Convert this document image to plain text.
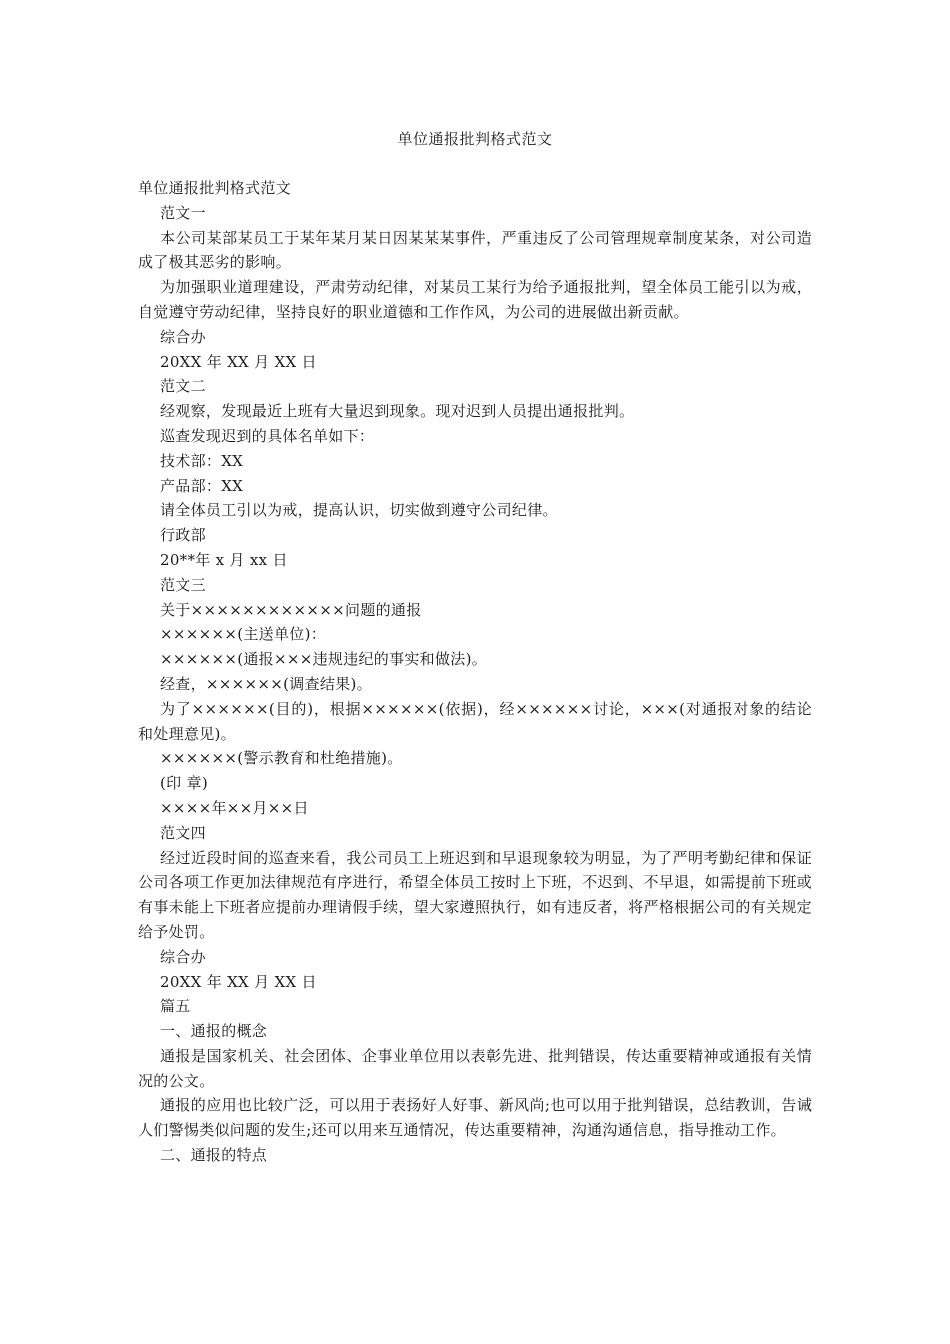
单位通报批判格式范文

单位通报批判格式范文

范文一

本公司某部某员工于某年某月某日因某某某事件，严重违反了公司管理规章制度某条，对公司造成了极其恶劣的影响。

为加强职业道理建设，严肃劳动纪律，对某员工某行为给予通报批判，望全体员工能引以为戒，自觉遵守劳动纪律，坚持良好的职业道德和工作作风，为公司的进展做出新贡献。

综合办

20XX 年 XX 月 XX 日

范文二

经观察，发现最近上班有大量迟到现象。现对迟到人员提出通报批判。

巡查发现迟到的具体名单如下：

技术部：XX

产品部：XX

请全体员工引以为戒，提高认识，切实做到遵守公司纪律。

行政部

20**年 x 月 xx 日

范文三

关于××××××××××××问题的通报

××××××(主送单位)：

××××××(通报×××违规违纪的事实和做法)。

经查，××××××(调查结果)。

为了××××××(目的)，根据××××××(依据)，经××××××讨论，×××(对通报对象的结论和处理意见)。

××××××(警示教育和杜绝措施)。

(印 章)

××××年××月××日

范文四

经过近段时间的巡查来看，我公司员工上班迟到和早退现象较为明显，为了严明考勤纪律和保证公司各项工作更加法律规范有序进行，希望全体员工按时上下班，不迟到、不早退，如需提前下班或有事未能上下班者应提前办理请假手续，望大家遵照执行，如有违反者，将严格根据公司的有关规定给予处罚。

综合办

20XX 年 XX 月 XX 日

篇五

一、通报的概念

通报是国家机关、社会团体、企事业单位用以表彰先进、批判错误，传达重要精神或通报有关情况的公文。

通报的应用也比较广泛，可以用于表扬好人好事、新风尚;也可以用于批判错误，总结教训，告诫人们警惕类似问题的发生;还可以用来互通情况，传达重要精神，沟通沟通信息，指导推动工作。

二、通报的特点
